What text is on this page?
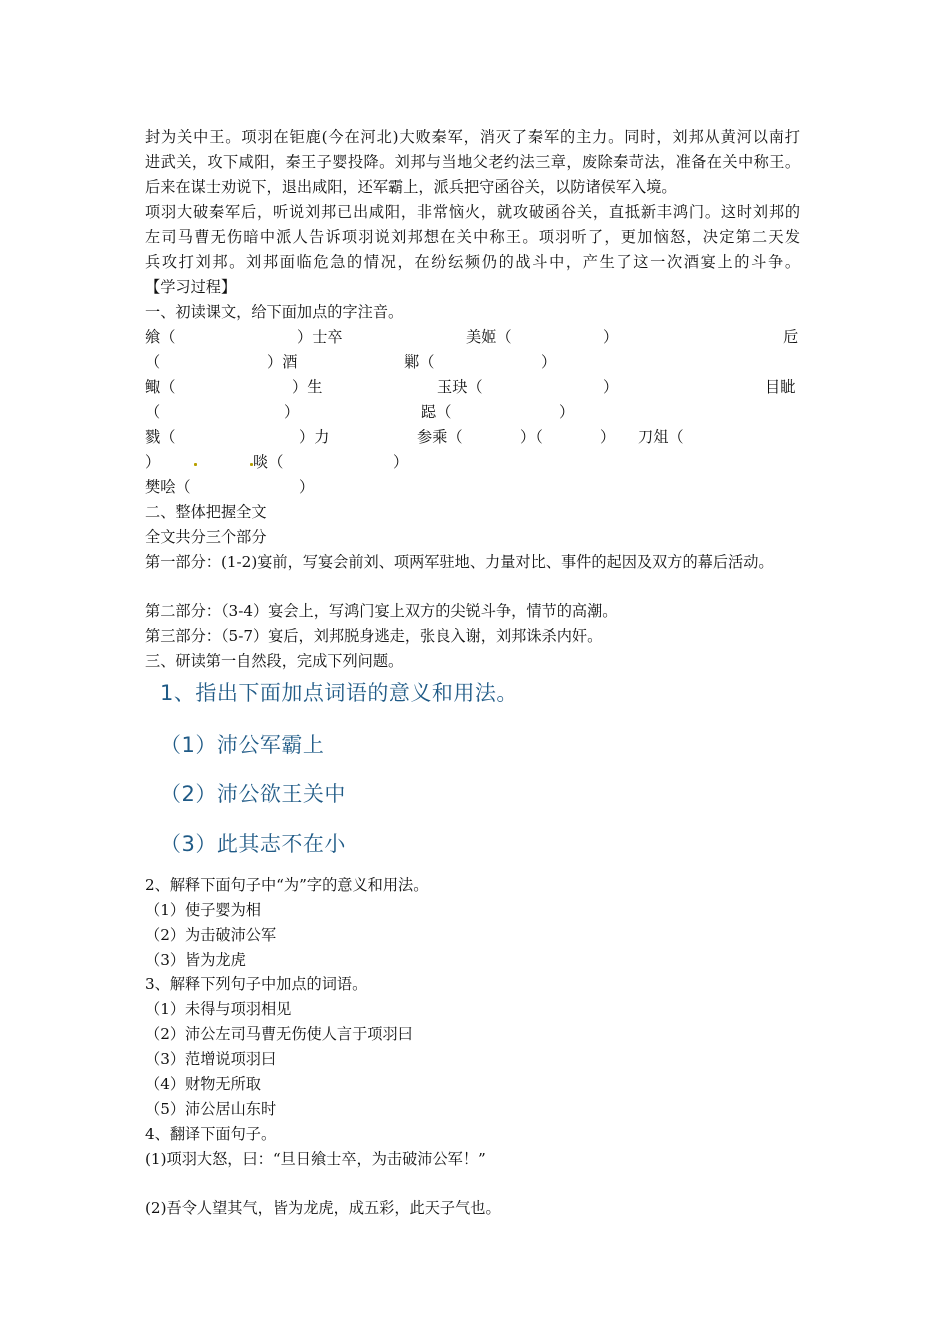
封为关中王。项羽在钜鹿(今在河北)大败秦军，消灭了秦军的主力。同时，刘邦从黄河以南打
进武关，攻下咸阳，秦王子婴投降。刘邦与当地父老约法三章，废除秦苛法，准备在关中称王。
后来在谋士劝说下，退出咸阳，还军霸上，派兵把守函谷关，以防诸侯军入境。
项羽大破秦军后，听说刘邦已出咸阳，非常恼火，就攻破函谷关，直抵新丰鸿门。这时刘邦的
左司马曹无伤暗中派人告诉项羽说刘邦想在关中称王。项羽听了，更加恼怒，决定第二天发
兵攻打刘邦。刘邦面临危急的情况，在纷纭频仍的战斗中，产生了这一次酒宴上的斗争。
【学习过程】
一、初读课文，给下面加点的字注音。
飨（	）士卒	美姬（	）	卮
（	）酒	鄛（	）
鲰（	）生	玉玦（	）	目眦
（	）	跽（	）
戮（	）力	参乘（	）（	） 刀俎（
）	啖（	）
樊哙（	）
二、整体把握全文
全文共分三个部分
第一部分：(1-2)宴前，写宴会前刘、项两军驻地、力量对比、事件的起因及双方的幕后活动。
第二部分：（3-4）宴会上，写鸿门宴上双方的尖锐斗争，情节的高潮。
第三部分：（5-7）宴后，刘邦脱身逃走，张良入谢，刘邦诛杀内奸。
三、研读第一自然段，完成下列问题。
1、指出下面加点词语的意义和用法。
（1）沛公军霸上
（2）沛公欲王关中
（3）此其志不在小
2、解释下面句子中“为”字的意义和用法。
（1）使子婴为相
（2）为击破沛公军
（3）皆为龙虎
3、解释下列句子中加点的词语。
（1）未得与项羽相见
（2）沛公左司马曹无伤使人言于项羽曰
（3）范增说项羽曰
（4）财物无所取
（5）沛公居山东时
4、翻译下面句子。
(1)项羽大怒，曰：“旦日飨士卒，为击破沛公军！”
(2)吾令人望其气，皆为龙虎，成五彩，此天子气也。
